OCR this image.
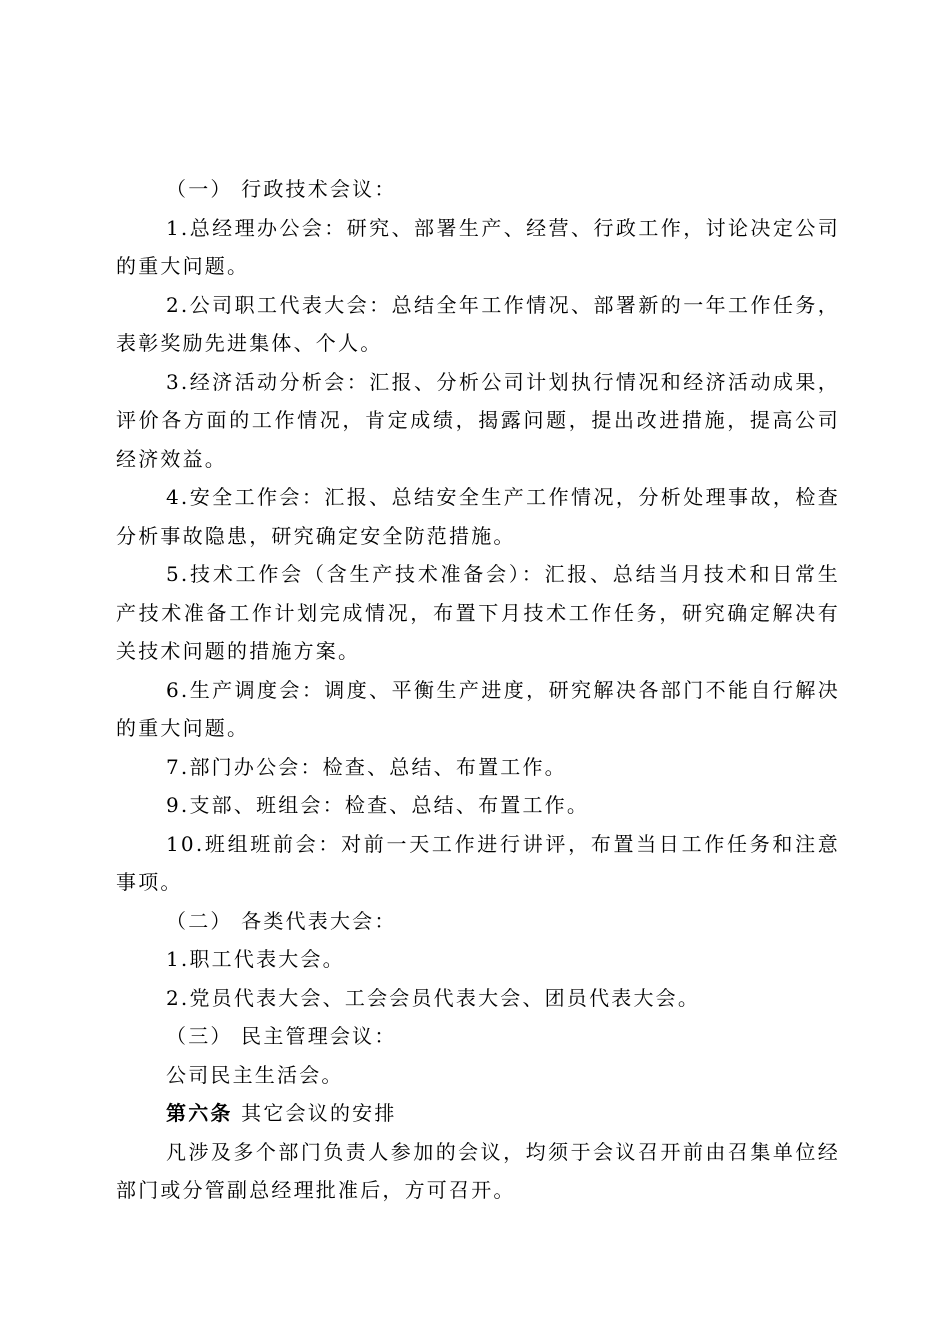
（一） 行政技术会议：

1.总经理办公会：研究、部署生产、经营、行政工作，讨论决定公司的重大问题。

2.公司职工代表大会：总结全年工作情况、部署新的一年工作任务，表彰奖励先进集体、个人。

3.经济活动分析会：汇报、分析公司计划执行情况和经济活动成果，评价各方面的工作情况，肯定成绩，揭露问题，提出改进措施，提高公司经济效益。

4.安全工作会：汇报、总结安全生产工作情况，分析处理事故，检查分析事故隐患，研究确定安全防范措施。

5.技术工作会（含生产技术准备会）：汇报、总结当月技术和日常生产技术准备工作计划完成情况，布置下月技术工作任务，研究确定解决有关技术问题的措施方案。

6.生产调度会：调度、平衡生产进度，研究解决各部门不能自行解决的重大问题。

7.部门办公会：检查、总结、布置工作。

9.支部、班组会：检查、总结、布置工作。

10.班组班前会：对前一天工作进行讲评，布置当日工作任务和注意事项。

（二） 各类代表大会：

1.职工代表大会。

2.党员代表大会、工会会员代表大会、团员代表大会。

（三） 民主管理会议：

公司民主生活会。

第六条 其它会议的安排

凡涉及多个部门负责人参加的会议，均须于会议召开前由召集单位经部门或分管副总经理批准后，方可召开。
